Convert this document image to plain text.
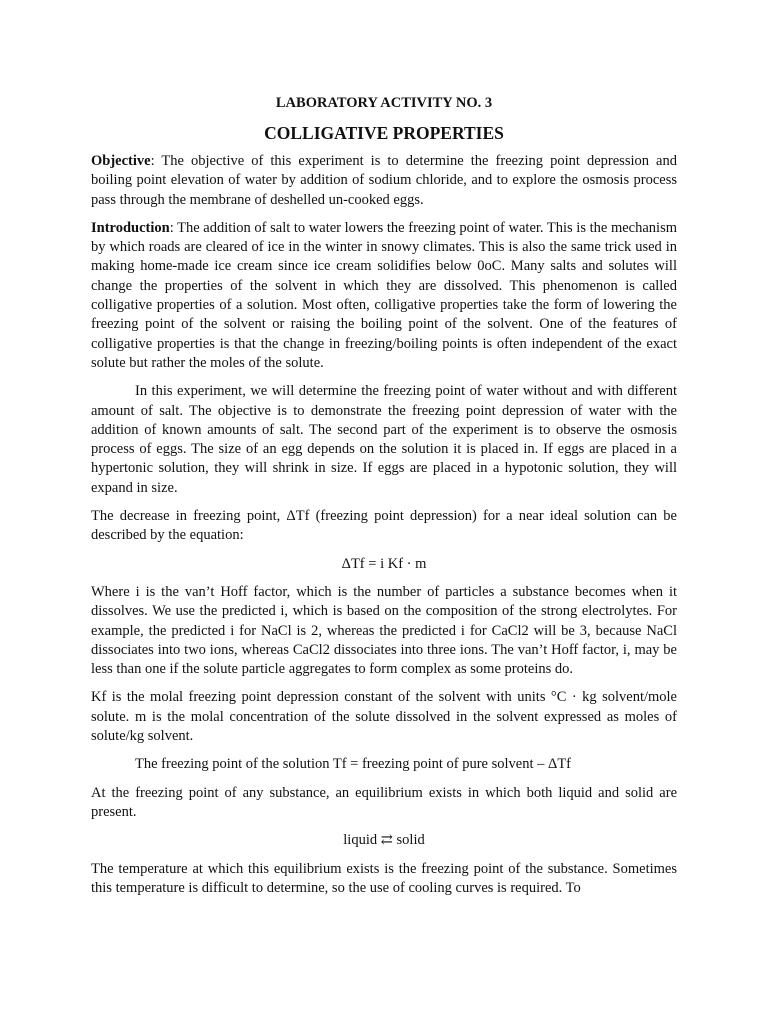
LABORATORY ACTIVITY NO. 3
COLLIGATIVE PROPERTIES

Objective: The objective of this experiment is to determine the freezing point depression and boiling point elevation of water by addition of sodium chloride, and to explore the osmosis process pass through the membrane of deshelled un-cooked eggs.

Introduction: The addition of salt to water lowers the freezing point of water. This is the mechanism by which roads are cleared of ice in the winter in snowy climates. This is also the same trick used in making home-made ice cream since ice cream solidifies below 0oC. Many salts and solutes will change the properties of the solvent in which they are dissolved. This phenomenon is called colligative properties of a solution. Most often, colligative properties take the form of lowering the freezing point of the solvent or raising the boiling point of the solvent. One of the features of colligative properties is that the change in freezing/boiling points is often independent of the exact solute but rather the moles of the solute.

In this experiment, we will determine the freezing point of water without and with different amount of salt. The objective is to demonstrate the freezing point depression of water with the addition of known amounts of salt. The second part of the experiment is to observe the osmosis process of eggs. The size of an egg depends on the solution it is placed in. If eggs are placed in a hypertonic solution, they will shrink in size. If eggs are placed in a hypotonic solution, they will expand in size.

The decrease in freezing point, ΔTf (freezing point depression) for a near ideal solution can be described by the equation:

ΔTf = i Kf · m

Where i is the van’t Hoff factor, which is the number of particles a substance becomes when it dissolves. We use the predicted i, which is based on the composition of the strong electrolytes. For example, the predicted i for NaCl is 2, whereas the predicted i for CaCl2 will be 3, because NaCl dissociates into two ions, whereas CaCl2 dissociates into three ions. The van’t Hoff factor, i, may be less than one if the solute particle aggregates to form complex as some proteins do.

Kf is the molal freezing point depression constant of the solvent with units °C · kg solvent/mole solute. m is the molal concentration of the solute dissolved in the solvent expressed as moles of solute/kg solvent.

The freezing point of the solution Tf = freezing point of pure solvent – ΔTf

At the freezing point of any substance, an equilibrium exists in which both liquid and solid are present.

liquid ⇄ solid

The temperature at which this equilibrium exists is the freezing point of the substance. Sometimes this temperature is difficult to determine, so the use of cooling curves is required. To
